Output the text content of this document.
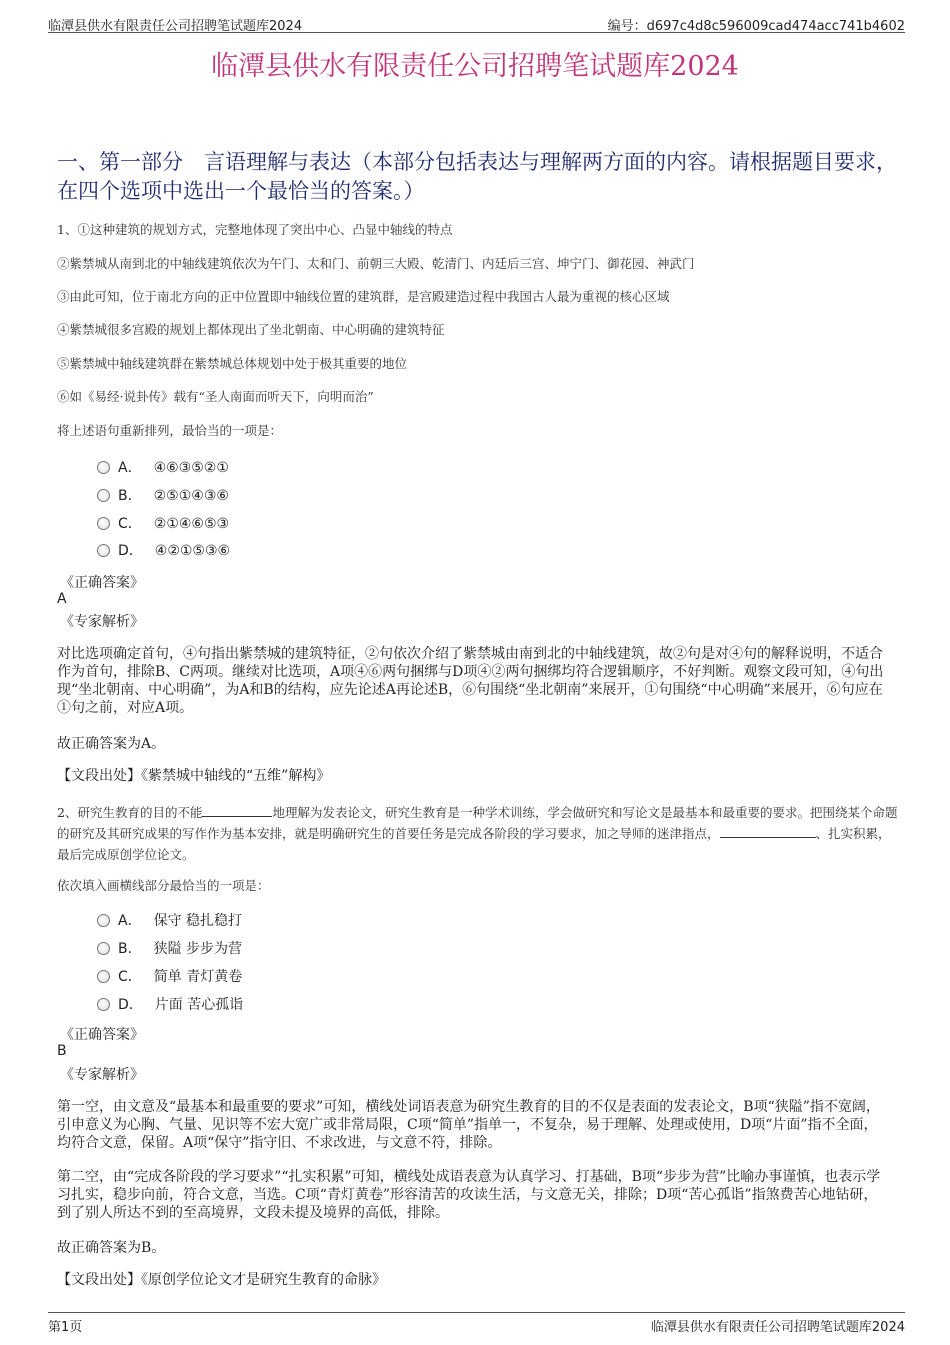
临潭县供水有限责任公司招聘笔试题库2024	编号：d697c4d8c596009cad474acc741b4602
临潭县供水有限责任公司招聘笔试题库2024
一、第一部分　言语理解与表达（本部分包括表达与理解两方面的内容。请根据题目要求，在四个选项中选出一个最恰当的答案。）
1、①这种建筑的规划方式，完整地体现了突出中心、凸显中轴线的特点
②紫禁城从南到北的中轴线建筑依次为午门、太和门、前朝三大殿、乾清门、内廷后三宫、坤宁门、御花园、神武门
③由此可知，位于南北方向的正中位置即中轴线位置的建筑群，是宫殿建造过程中我国古人最为重视的核心区域
④紫禁城很多宫殿的规划上都体现出了坐北朝南、中心明确的建筑特征
⑤紫禁城中轴线建筑群在紫禁城总体规划中处于极其重要的地位
⑥如《易经·说卦传》载有“圣人南面而听天下，向明而治”
将上述语句重新排列，最恰当的一项是：
A． ④⑥③⑤②①
B． ②⑤①④③⑥
C． ②①④⑥⑤③
D． ④②①⑤③⑥
《正确答案》
A
《专家解析》
对比选项确定首句，④句指出紫禁城的建筑特征，②句依次介绍了紫禁城由南到北的中轴线建筑，故②句是对④句的解释说明，不适合作为首句，排除B、C两项。继续对比选项，A项④⑥两句捆绑与D项④②两句捆绑均符合逻辑顺序，不好判断。观察文段可知，④句出现“坐北朝南、中心明确”，为A和B的结构，应先论述A再论述B，⑥句围绕“坐北朝南”来展开，①句围绕“中心明确”来展开，⑥句应在①句之前，对应A项。
故正确答案为A。
【文段出处】《紫禁城中轴线的“五维”解构》
2、研究生教育的目的不能	地理解为发表论文，研究生教育是一种学术训练，学会做研究和写论文是最基本和最重要的要求。把围绕某个命题的研究及其研究成果的写作作为基本安排，就是明确研究生的首要任务是完成各阶段的学习要求，加之导师的迷津指点，	、扎实积累，最后完成原创学位论文。
依次填入画横线部分最恰当的一项是：
A． 保守 稳扎稳打
B． 狭隘 步步为营
C． 简单 青灯黄卷
D． 片面 苦心孤诣
《正确答案》
B
《专家解析》
第一空，由文意及“最基本和最重要的要求”可知，横线处词语表意为研究生教育的目的不仅是表面的发表论文，B项“狭隘”指不宽阔，引申意义为心胸、气量、见识等不宏大宽广或非常局限，C项“简单”指单一，不复杂，易于理解、处理或使用，D项“片面”指不全面，均符合文意，保留。A项“保守”指守旧、不求改进，与文意不符，排除。
第二空，由“完成各阶段的学习要求”“扎实积累”可知，横线处成语表意为认真学习、打基础，B项“步步为营”比喻办事谨慎，也表示学习扎实，稳步向前，符合文意，当选。C项“青灯黄卷”形容清苦的攻读生活，与文意无关，排除；D项“苦心孤诣”指煞费苦心地钻研，到了别人所达不到的至高境界，文段未提及境界的高低，排除。
故正确答案为B。
【文段出处】《原创学位论文才是研究生教育的命脉》
第1页	临潭县供水有限责任公司招聘笔试题库2024
